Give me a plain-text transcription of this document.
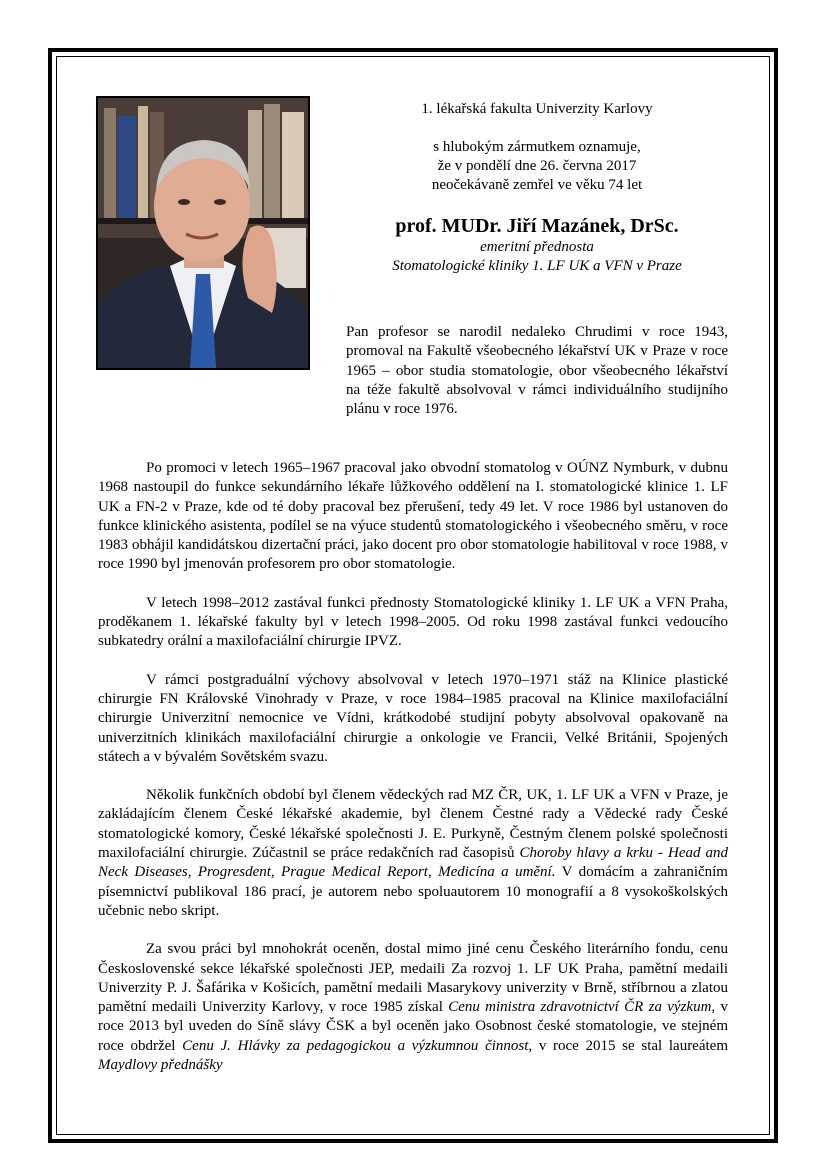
1. lékařská fakulta Univerzity Karlovy
s hlubokým zármutkem oznamuje,
že v pondělí dne 26. června 2017
neočekávaně zemřel ve věku 74 let
prof. MUDr. Jiří Mazánek, DrSc.
emeritní přednosta
Stomatologické kliniky 1. LF UK a VFN v Praze

Pan profesor se narodil nedaleko Chrudimi v roce 1943, promoval na Fakultě všeobecného lékařství UK v Praze v roce 1965 – obor studia stomatologie, obor všeobecného lékařství na téže fakultě absolvoval v rámci individuálního studijního plánu v roce 1976.

Po promoci v letech 1965–1967 pracoval jako obvodní stomatolog v OÚNZ Nymburk, v dubnu 1968 nastoupil do funkce sekundárního lékaře lůžkového oddělení na I. stomatologické klinice 1. LF UK a FN-2 v Praze, kde od té doby pracoval bez přerušení, tedy 49 let. V roce 1986 byl ustanoven do funkce klinického asistenta, podílel se na výuce studentů stomatologického i všeobecného směru, v roce 1983 obhájil kandidátskou dizertační práci, jako docent pro obor stomatologie habilitoval v roce 1988, v roce 1990 byl jmenován profesorem pro obor stomatologie.

V letech 1998–2012 zastával funkci přednosty Stomatologické kliniky 1. LF UK a VFN Praha, proděkanem 1. lékařské fakulty byl v letech 1998–2005. Od roku 1998 zastával funkci vedoucího subkatedry orální a maxilofaciální chirurgie IPVZ.

V rámci postgraduální výchovy absolvoval v letech 1970–1971 stáž na Klinice plastické chirurgie FN Královské Vinohrady v Praze, v roce 1984–1985 pracoval na Klinice maxilofaciální chirurgie Univerzitní nemocnice ve Vídni, krátkodobé studijní pobyty absolvoval opakovaně na univerzitních klinikách maxilofaciální chirurgie a onkologie ve Francii, Velké Británii, Spojených státech a v bývalém Sovětském svazu.

Několik funkčních období byl členem vědeckých rad MZ ČR, UK, 1. LF UK a VFN v Praze, je zakládajícím členem České lékařské akademie, byl členem Čestné rady a Vědecké rady České stomatologické komory, České lékařské společnosti J. E. Purkyně, Čestným členem polské společnosti maxilofaciální chirurgie. Zúčastnil se práce redakčních rad časopisů Choroby hlavy a krku - Head and Neck Diseases, Progresdent, Prague Medical Report, Medicína a umění. V domácím a zahraničním písemnictví publikoval 186 prací, je autorem nebo spoluautorem 10 monografií a 8 vysokoškolských učebnic nebo skript.

Za svou práci byl mnohokrát oceněn, dostal mimo jiné cenu Českého literárního fondu, cenu Československé sekce lékařské společnosti JEP, medaili Za rozvoj 1. LF UK Praha, pamětní medaili Univerzity P. J. Šafárika v Košicích, pamětní medaili Masarykovy univerzity v Brně, stříbrnou a zlatou pamětní medaili Univerzity Karlovy, v roce 1985 získal Cenu ministra zdravotnictví ČR za výzkum, v roce 2013 byl uveden do Síně slávy ČSK a byl oceněn jako Osobnost české stomatologie, ve stejném roce obdržel Cenu J. Hlávky za pedagogickou a výzkumnou činnost, v roce 2015 se stal laureátem Maydlovy přednášky
